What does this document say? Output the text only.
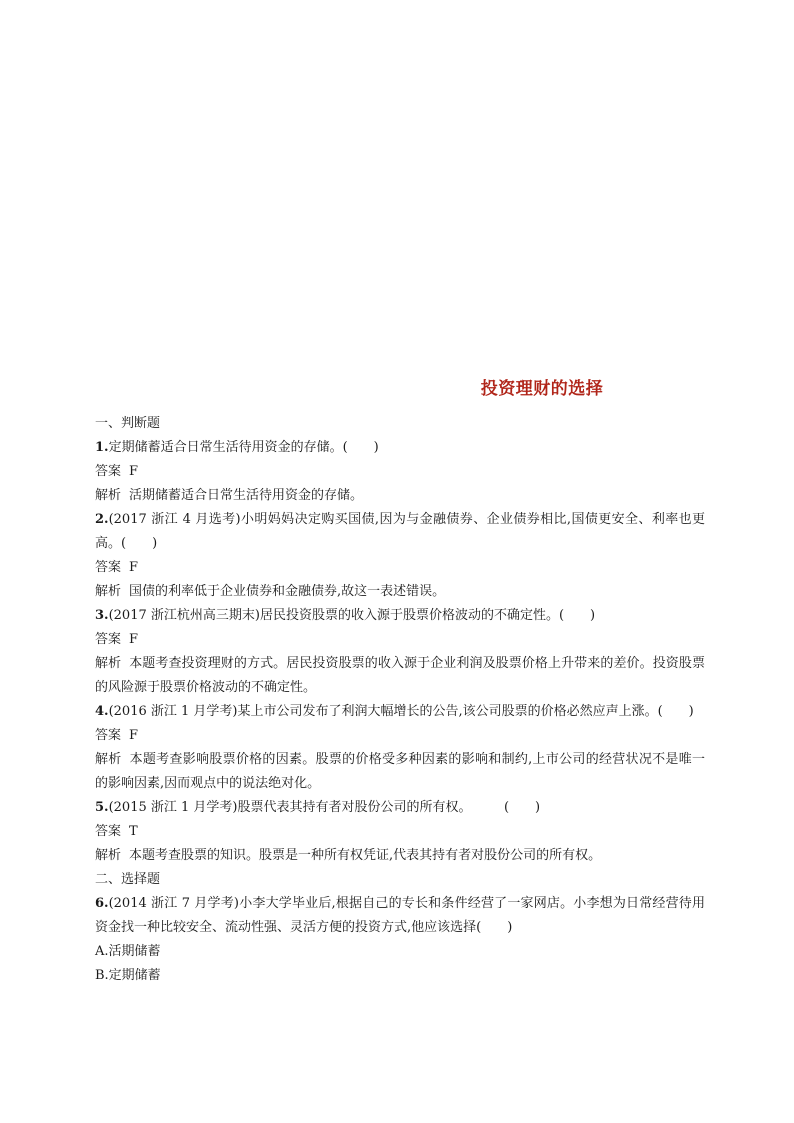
投资理财的选择
一、判断题
1.定期储蓄适合日常生活待用资金的存储。(　　)
答案 F
解析 活期储蓄适合日常生活待用资金的存储。
2.(2017 浙江 4 月选考)小明妈妈决定购买国债,因为与金融债券、企业债券相比,国债更安全、利率也更高。(　　)
答案 F
解析 国债的利率低于企业债券和金融债券,故这一表述错误。
3.(2017 浙江杭州高三期末)居民投资股票的收入源于股票价格波动的不确定性。(　　)
答案 F
解析 本题考查投资理财的方式。居民投资股票的收入源于企业利润及股票价格上升带来的差价。投资股票的风险源于股票价格波动的不确定性。
4.(2016 浙江 1 月学考)某上市公司发布了利润大幅增长的公告,该公司股票的价格必然应声上涨。(　　)
答案 F
解析 本题考查影响股票价格的因素。股票的价格受多种因素的影响和制约,上市公司的经营状况不是唯一的影响因素,因而观点中的说法绝对化。
5.(2015 浙江 1 月学考)股票代表其持有者对股份公司的所有权。　　　(　　)
答案 T
解析 本题考查股票的知识。股票是一种所有权凭证,代表其持有者对股份公司的所有权。
二、选择题
6.(2014 浙江 7 月学考)小李大学毕业后,根据自己的专长和条件经营了一家网店。小李想为日常经营待用资金找一种比较安全、流动性强、灵活方便的投资方式,他应该选择(　　)
A.活期储蓄
B.定期储蓄
